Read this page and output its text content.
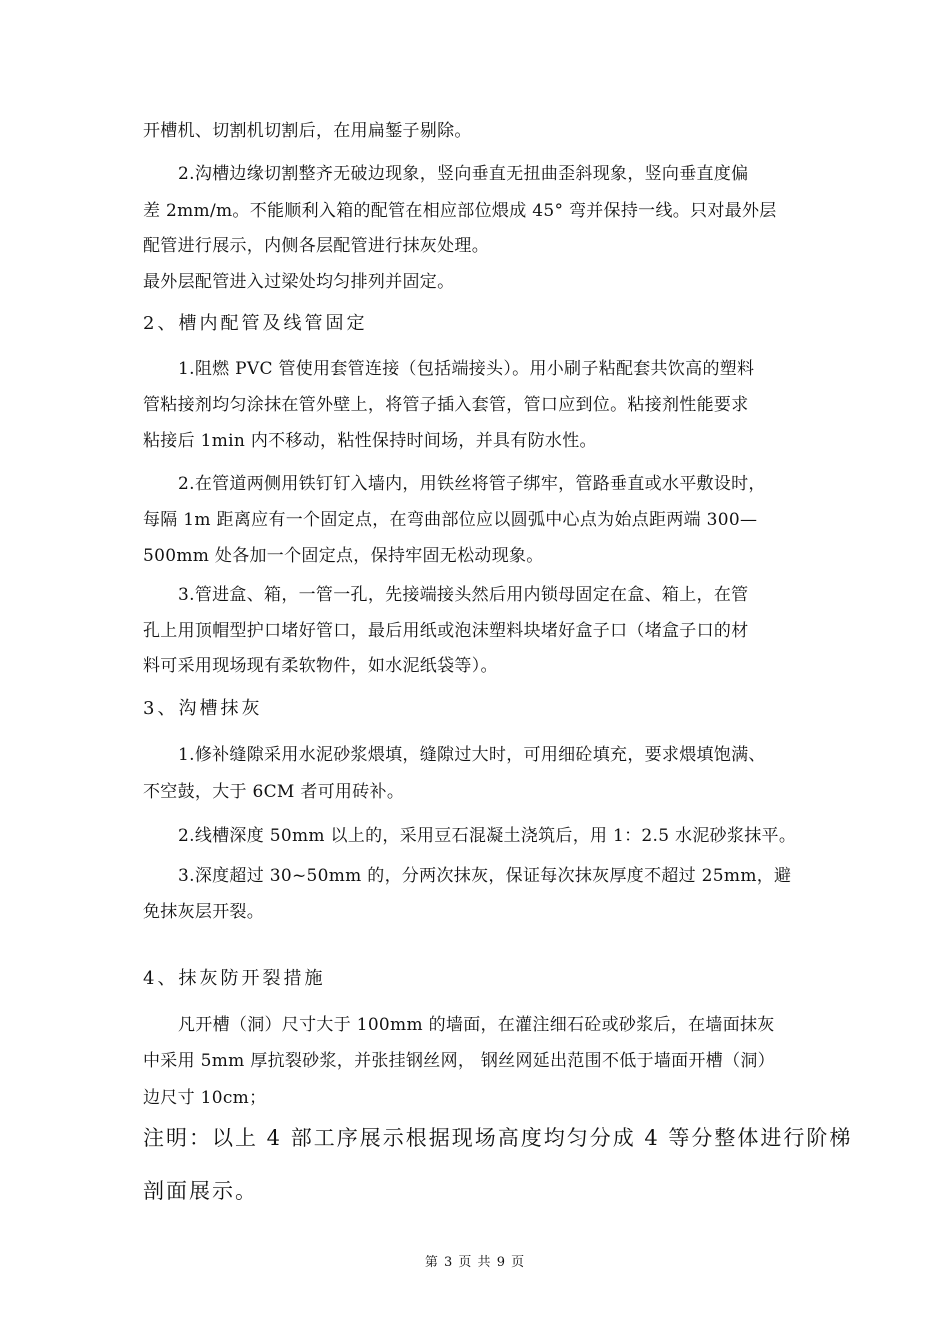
开槽机、切割机切割后，在用扁錾子剔除。
2.沟槽边缘切割整齐无破边现象，竖向垂直无扭曲歪斜现象，竖向垂直度偏
差 2mm/m。不能顺利入箱的配管在相应部位煨成 45° 弯并保持一线。只对最外层
配管进行展示，内侧各层配管进行抹灰处理。
最外层配管进入过梁处均匀排列并固定。
2、槽内配管及线管固定
1.阻燃 PVC 管使用套管连接（包括端接头）。用小刷子粘配套共饮高的塑料
管粘接剂均匀涂抹在管外壁上，将管子插入套管，管口应到位。粘接剂性能要求
粘接后 1min 内不移动，粘性保持时间场，并具有防水性。
2.在管道两侧用铁钉钉入墙内，用铁丝将管子绑牢，管路垂直或水平敷设时，
每隔 1m 距离应有一个固定点，在弯曲部位应以圆弧中心点为始点距两端 300—
500mm 处各加一个固定点，保持牢固无松动现象。
3.管进盒、箱，一管一孔，先接端接头然后用内锁母固定在盒、箱上，在管
孔上用顶帽型护口堵好管口，最后用纸或泡沫塑料块堵好盒子口（堵盒子口的材
料可采用现场现有柔软物件，如水泥纸袋等）。
3、沟槽抹灰
1.修补缝隙采用水泥砂浆煨填，缝隙过大时，可用细砼填充，要求煨填饱满、
不空鼓，大于 6CM 者可用砖补。
2.线槽深度 50mm 以上的，采用豆石混凝土浇筑后，用 1：2.5 水泥砂浆抹平。
3.深度超过 30~50mm 的，分两次抹灰，保证每次抹灰厚度不超过 25mm，避
免抹灰层开裂。
4、抹灰防开裂措施
凡开槽（洞）尺寸大于 100mm 的墙面，在灌注细石砼或砂浆后，在墙面抹灰
中采用 5mm 厚抗裂砂浆，并张挂钢丝网， 钢丝网延出范围不低于墙面开槽（洞）
边尺寸 10cm；
注明：以上 4 部工序展示根据现场高度均匀分成 4 等分整体进行阶梯
剖面展示。
第 3 页 共 9 页
